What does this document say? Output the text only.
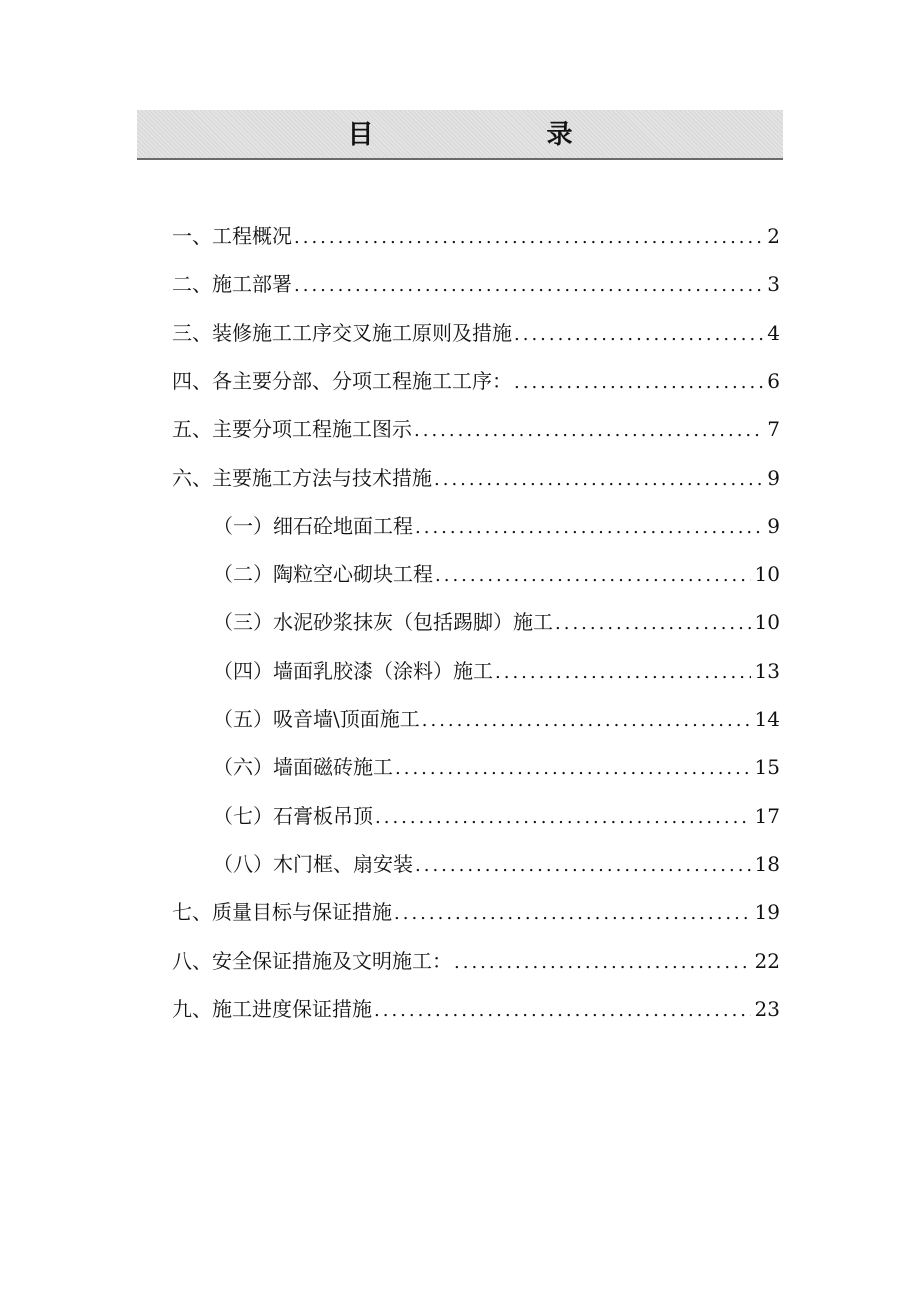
目 录
一、工程概况 .....	2
二、施工部署 .....	3
三、装修施工工序交叉施工原则及措施 .....	4
四、各主要分部、分项工程施工工序： .....	6
五、主要分项工程施工图示 .....	7
六、主要施工方法与技术措施 .....	9
（一）细石砼地面工程 .....	9
（二）陶粒空心砌块工程 .....	10
（三）水泥砂浆抹灰（包括踢脚）施工 .....	10
（四）墙面乳胶漆（涂料）施工 .....	13
（五）吸音墙\顶面施工 .....	14
（六）墙面磁砖施工 .....	15
（七）石膏板吊顶 .....	17
（八）木门框、扇安装 .....	18
七、质量目标与保证措施 .....	19
八、安全保证措施及文明施工： .....	22
九、施工进度保证措施 .....	23
